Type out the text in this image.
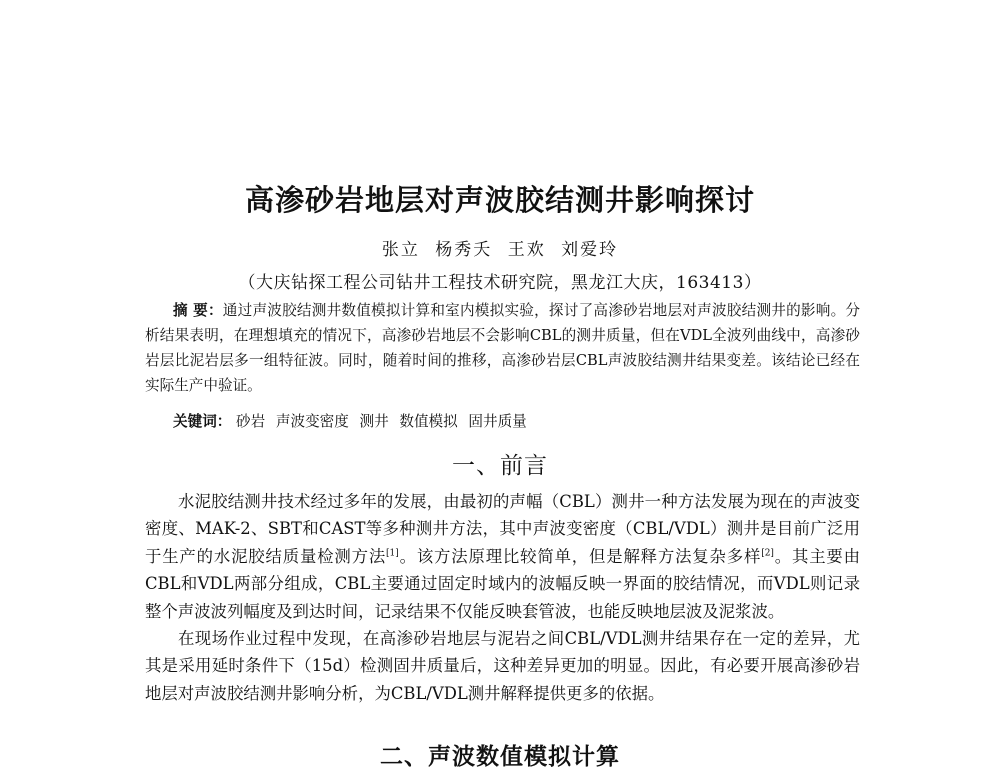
高渗砂岩地层对声波胶结测井影响探讨
张立 杨秀夭 王欢 刘爱玲
（大庆钻探工程公司钻井工程技术研究院，黑龙江大庆，163413）
摘 要：通过声波胶结测井数值模拟计算和室内模拟实验，探讨了高渗砂岩地层对声波胶结测井的影响。分析结果表明，在理想填充的情况下，高渗砂岩地层不会影响CBL的测井质量，但在VDL全波列曲线中，高渗砂岩层比泥岩层多一组特征波。同时，随着时间的推移，高渗砂岩层CBL声波胶结测井结果变差。该结论已经在实际生产中验证。
关键词： 砂岩 声波变密度 测井 数值模拟 固井质量
一、前言

水泥胶结测井技术经过多年的发展，由最初的声幅（CBL）测井一种方法发展为现在的声波变密度、MAK-2、SBT和CAST等多种测井方法，其中声波变密度（CBL/VDL）测井是目前广泛用于生产的水泥胶结质量检测方法[1]。该方法原理比较简单，但是解释方法复杂多样[2]。其主要由CBL和VDL两部分组成，CBL主要通过固定时域内的波幅反映一界面的胶结情况，而VDL则记录整个声波波列幅度及到达时间，记录结果不仅能反映套管波，也能反映地层波及泥浆波。

在现场作业过程中发现，在高渗砂岩地层与泥岩之间CBL/VDL测井结果存在一定的差异，尤其是采用延时条件下（15d）检测固井质量后，这种差异更加的明显。因此，有必要开展高渗砂岩地层对声波胶结测井影响分析，为CBL/VDL测井解释提供更多的依据。

二、声波数值模拟计算
